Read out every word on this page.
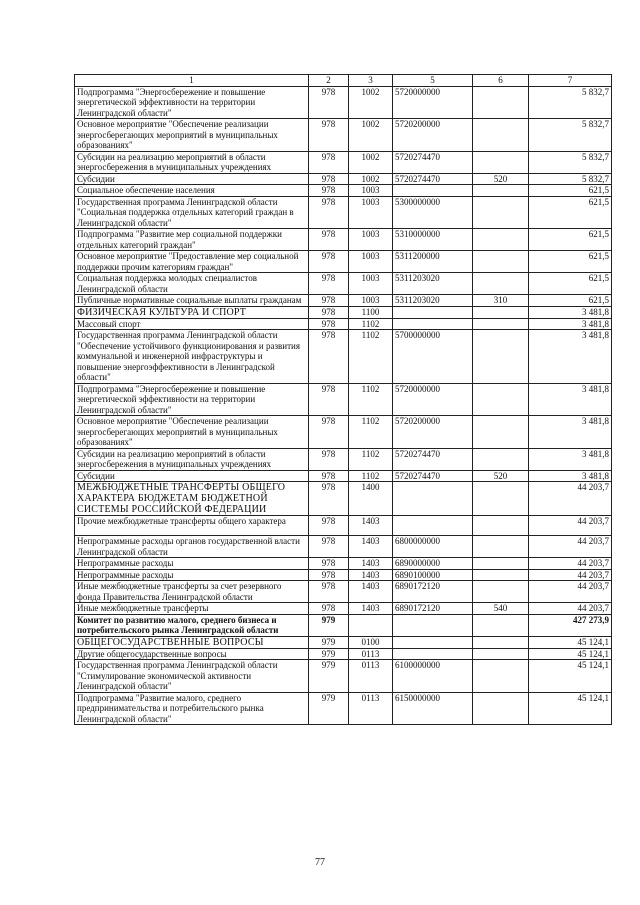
1	2	3	5	6	7
Подпрограмма "Энергосбережение и повышение энергетической эффективности на территории Ленинградской области"	978	1002	5720000000		5 832,7
Основное мероприятие "Обеспечение реализации энергосберегающих мероприятий в муниципальных образованиях"	978	1002	5720200000		5 832,7
Субсидии на реализацию мероприятий в области энергосбережения в муниципальных учреждениях	978	1002	5720274470		5 832,7
Субсидии	978	1002	5720274470	520	5 832,7
Социальное обеспечение населения	978	1003			621,5
Государственная программа Ленинградской области "Социальная поддержка отдельных категорий граждан в Ленинградской области"	978	1003	5300000000		621,5
Подпрограмма "Развитие мер социальной поддержки отдельных категорий граждан"	978	1003	5310000000		621,5
Основное мероприятие "Предоставление мер социальной поддержки прочим категориям граждан"	978	1003	5311200000		621,5
Социальная поддержка молодых специалистов Ленинградской области	978	1003	5311203020		621,5
Публичные нормативные социальные выплаты гражданам	978	1003	5311203020	310	621,5
ФИЗИЧЕСКАЯ КУЛЬТУРА И СПОРТ	978	1100			3 481,8
Массовый спорт	978	1102			3 481,8
Государственная программа Ленинградской области "Обеспечение устойчивого функционирования и развития коммунальной и инженерной инфраструктуры и повышение энергоэффективности в Ленинградской области"	978	1102	5700000000		3 481,8
Подпрограмма "Энергосбережение и повышение энергетической эффективности на территории Ленинградской области"	978	1102	5720000000		3 481,8
Основное мероприятие "Обеспечение реализации энергосберегающих мероприятий в муниципальных образованиях"	978	1102	5720200000		3 481,8
Субсидии на реализацию мероприятий в области энергосбережения в муниципальных учреждениях	978	1102	5720274470		3 481,8
Субсидии	978	1102	5720274470	520	3 481,8
МЕЖБЮДЖЕТНЫЕ ТРАНСФЕРТЫ ОБЩЕГО ХАРАКТЕРА БЮДЖЕТАМ БЮДЖЕТНОЙ СИСТЕМЫ РОССИЙСКОЙ ФЕДЕРАЦИИ	978	1400			44 203,7
Прочие межбюджетные трансферты общего характера	978	1403			44 203,7
Непрограммные расходы органов государственной власти Ленинградской области	978	1403	6800000000		44 203,7
Непрограммные расходы	978	1403	6890000000		44 203,7
Непрограммные расходы	978	1403	6890100000		44 203,7
Иные межбюджетные трансферты за счет резервного фонда Правительства Ленинградской области	978	1403	6890172120		44 203,7
Иные межбюджетные трансферты	978	1403	6890172120	540	44 203,7
Комитет по развитию малого, среднего бизнеса и потребительского рынка Ленинградской области	979				427 273,9
ОБЩЕГОСУДАРСТВЕННЫЕ ВОПРОСЫ	979	0100			45 124,1
Другие общегосударственные вопросы	979	0113			45 124,1
Государственная программа Ленинградской области "Стимулирование экономической активности Ленинградской области"	979	0113	6100000000		45 124,1
Подпрограмма "Развитие малого, среднего предпринимательства и потребительского рынка Ленинградской области"	979	0113	6150000000		45 124,1
77
